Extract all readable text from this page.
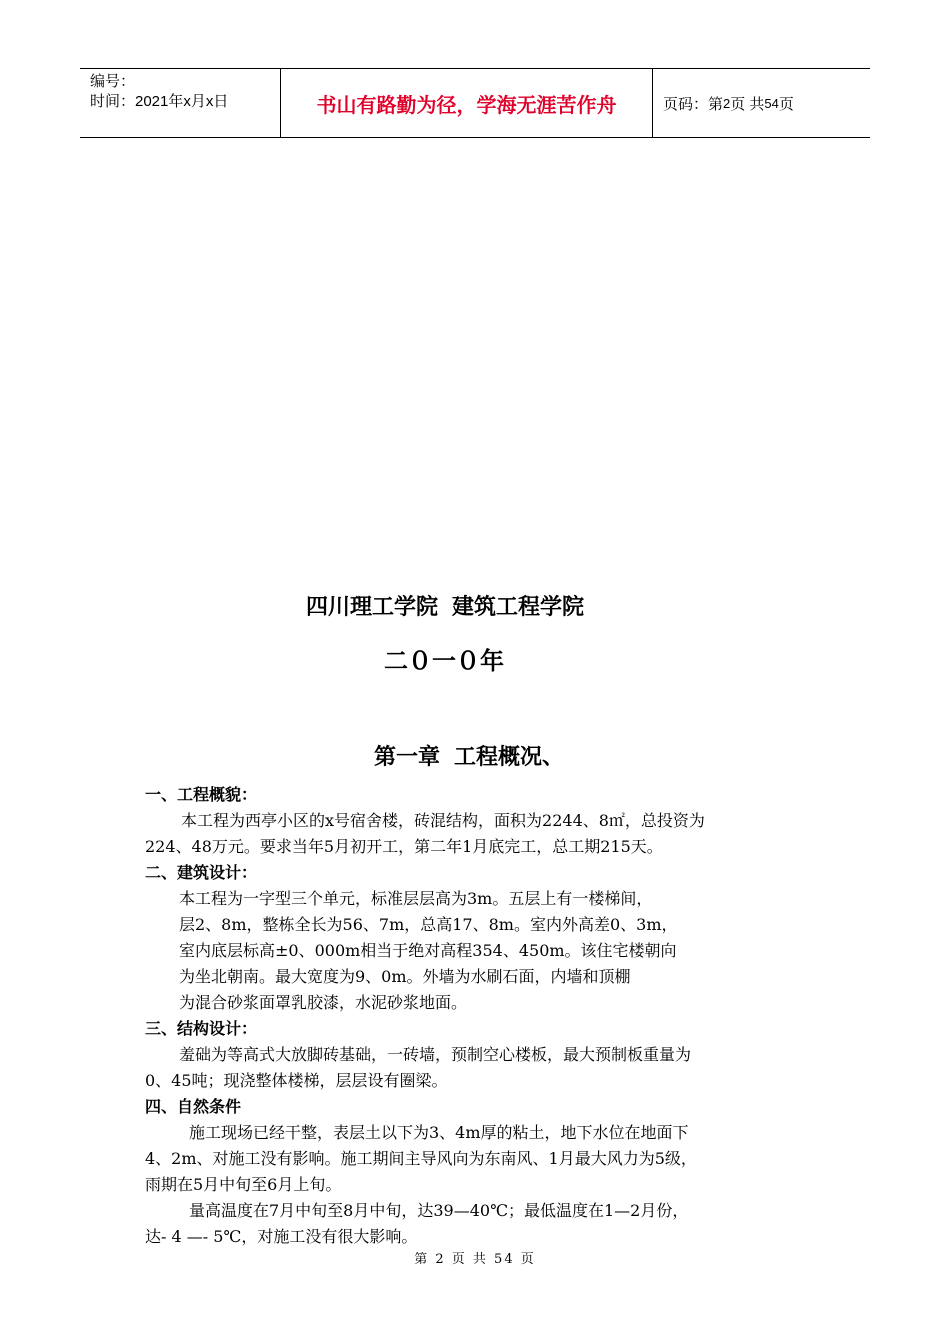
编号：
时间：2021年x月x日	书山有路勤为径，学海无涯苦作舟	页码：第 2 页 共 54 页
四川理工学院 建筑工程学院
二０一０年
第一章 工程概况、
一、工程概貌：
本工程为西亭小区的x号宿舍楼，砖混结构，面积为2244、8㎡，总投资为
224、48万元。要求当年5月初开工，第二年1月底完工，总工期215天。
二、建筑设计：
本工程为一字型三个单元，标准层层高为3m。五层上有一楼梯间，
层2、8m，整栋全长为56、7m，总高17、8m。室内外高差0、3m，
室内底层标高±0、000m相当于绝对高程354、450m。该住宅楼朝向
为坐北朝南。最大宽度为9、0m。外墙为水刷石面，内墙和顶棚
为混合砂浆面罩乳胶漆，水泥砂浆地面。
三、结构设计：
羞础为等高式大放脚砖基础，一砖墙，预制空心楼板，最大预制板重量为
0、45吨；现浇整体楼梯，层层设有圈梁。
四、自然条件
施工现场已经干整，表层土以下为3、4m厚的粘土，地下水位在地面下
4、2m、对施工没有影响。施工期间主导风向为东南风、1月最大风力为5级，
雨期在5月中旬至6月上旬。
量高温度在7月中旬至8月中旬，达39—40℃；最低温度在1—2月份，
达- 4 —- 5℃，对施工没有很大影响。
第 2 页 共 54 页
